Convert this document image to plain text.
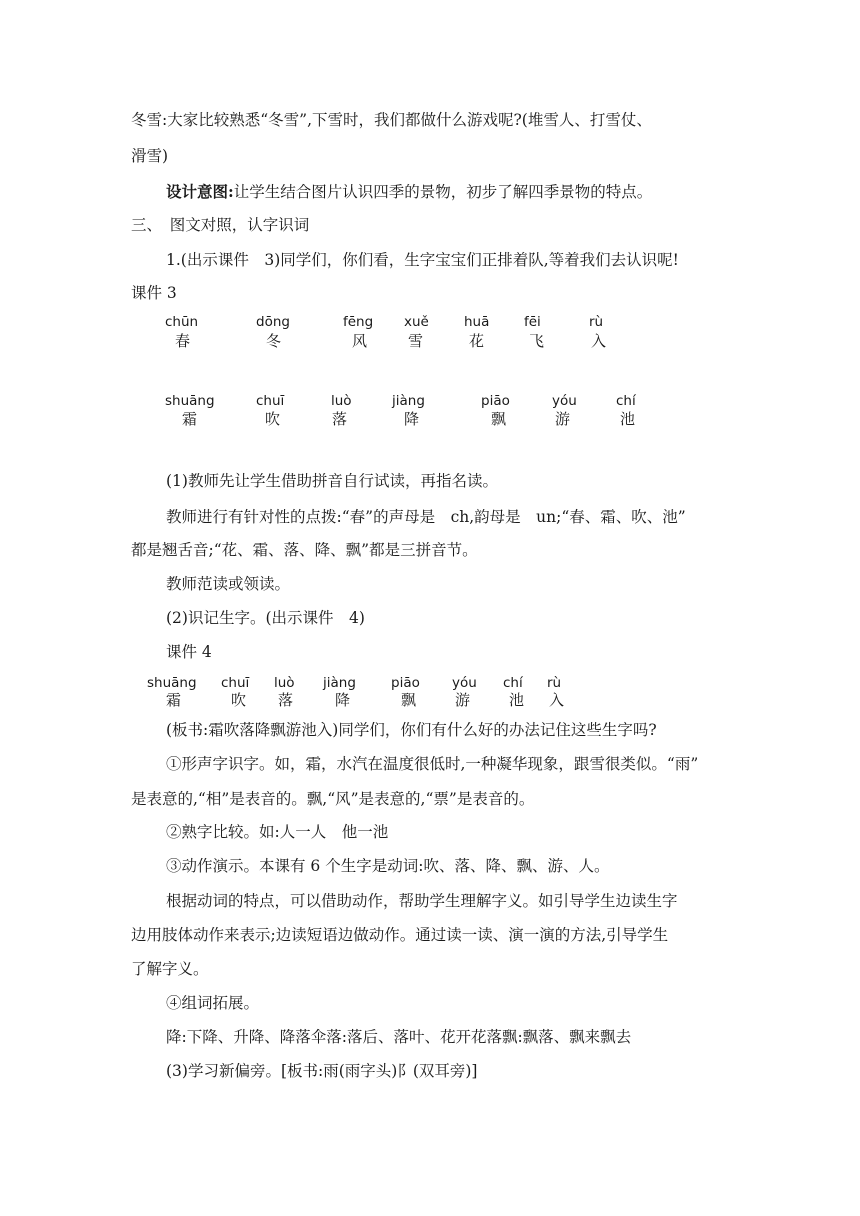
冬雪:大家比较熟悉“冬雪”,下雪时，我们都做什么游戏呢?(堆雪人、打雪仗、
滑雪)
设计意图:让学生结合图片认识四季的景物，初步了解四季景物的特点。
三、　图文对照，认字识词
1.(出示课件　3)同学们，你们看，生字宝宝们正排着队,等着我们去认识呢!
课件 3
chūn
春
dōng
冬
fēng
风
xuě
雪
huā
花
fēi
飞
rù
入
shuāng
霜
chuī
吹
luò
落
jiàng
降
piāo
飘
yóu
游
chí
池
(1)教师先让学生借助拼音自行试读，再指名读。
教师进行有针对性的点拨:“春”的声母是　ch,韵母是　un;“春、霜、吹、池”
都是翘舌音;“花、霜、落、降、飘”都是三拼音节。
教师范读或领读。
(2)识记生字。(出示课件　4)
课件 4
shuāng
霜
chuī
吹
luò
落
jiàng
降
piāo
飘
yóu
游
chí
池
rù
入
(板书:霜吹落降飘游池入)同学们，你们有什么好的办法记住这些生字吗?
①形声字识字。如，霜，水汽在温度很低时,一种凝华现象，跟雪很类似。“雨”
是表意的,“相”是表音的。飘,“风”是表意的,“票”是表音的。
②熟字比较。如:人一人　他一池
③动作演示。本课有 6 个生字是动词:吹、落、降、飘、游、人。
根据动词的特点，可以借助动作，帮助学生理解字义。如引导学生边读生字
边用肢体动作来表示;边读短语边做动作。通过读一读、演一演的方法,引导学生
了解字义。
④组词拓展。
降:下降、升降、降落伞落:落后、落叶、花开花落飘:飘落、飘来飘去
(3)学习新偏旁。[板书:雨(雨字头)阝(双耳旁)]
